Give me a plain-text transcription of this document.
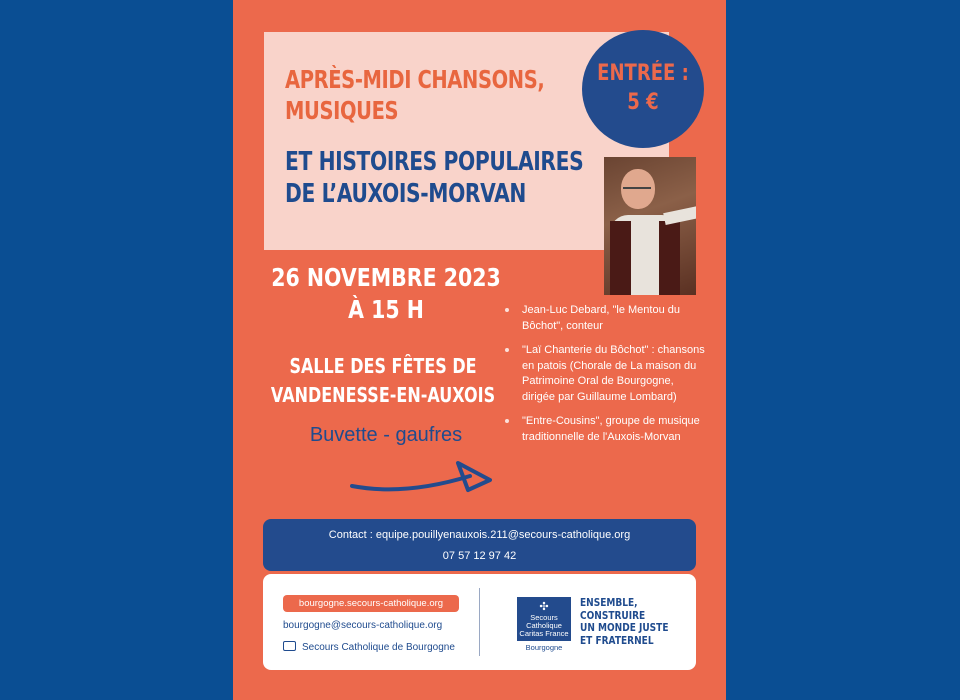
APRÈS-MIDI CHANSONS,
MUSIQUES
ET HISTOIRES POPULAIRES
DE L’AUXOIS-MORVAN
ENTRÉE :
5 €
26 NOVEMBRE 2023
À 15 H
SALLE DES FÊTES DE
VANDENESSE-EN-AUXOIS
Buvette - gaufres
Jean-Luc Debard, "le Mentou du Bôchot", conteur
"Laï Chanterie du Bôchot" : chansons en patois (Chorale de La maison du Patrimoine Oral de Bourgogne, dirigée par Guillaume Lombard)
"Entre-Cousins", groupe de musique traditionnelle de l'Auxois-Morvan
Contact : equipe.pouillyenauxois.211@secours-catholique.org
07 57 12 97 42
bourgogne.secours-catholique.org
bourgogne@secours-catholique.org
Secours Catholique de Bourgogne
✣
Secours
Catholique
Caritas France
Bourgogne
ENSEMBLE,
CONSTRUIRE
UN MONDE JUSTE
ET FRATERNEL
